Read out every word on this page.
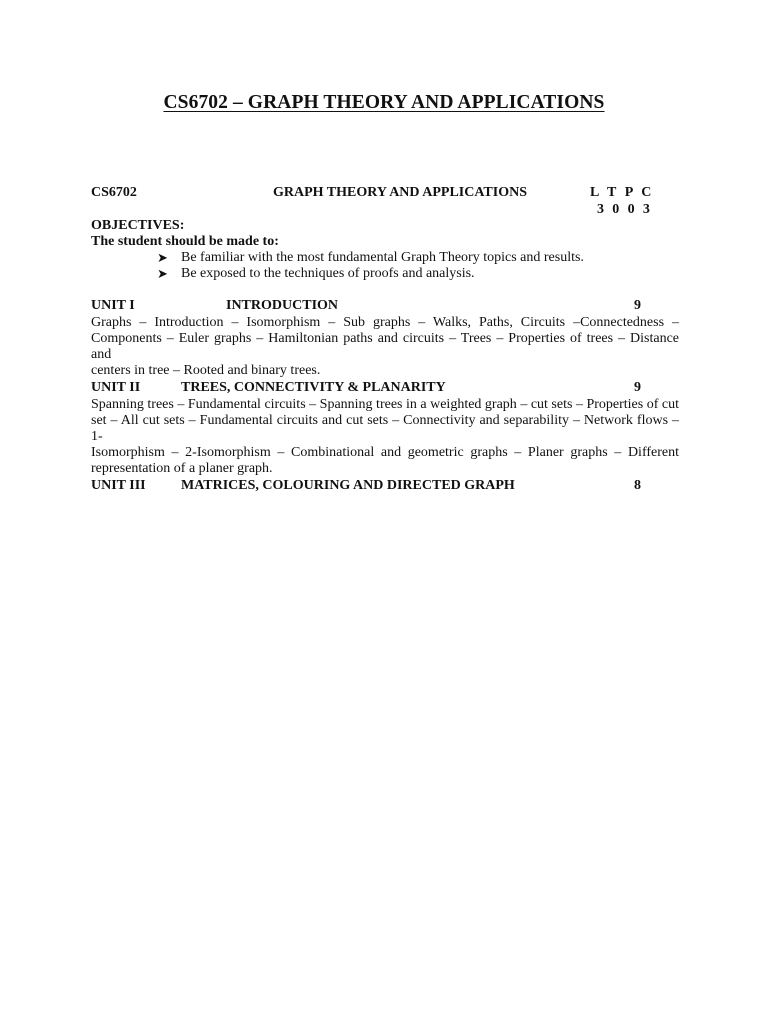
CS6702 – GRAPH THEORY AND APPLICATIONS
CS6702	GRAPH THEORY AND APPLICATIONS	L T P C
3 0 0 3
OBJECTIVES:
The student should be made to:
➤ Be familiar with the most fundamental Graph Theory topics and results.
➤ Be exposed to the techniques of proofs and analysis.
UNIT I	INTRODUCTION	9
Graphs – Introduction – Isomorphism – Sub graphs – Walks, Paths, Circuits –Connectedness –
Components – Euler graphs – Hamiltonian paths and circuits – Trees – Properties of trees – Distance and
centers in tree – Rooted and binary trees.
UNIT II	TREES, CONNECTIVITY & PLANARITY	9
Spanning trees – Fundamental circuits – Spanning trees in a weighted graph – cut sets – Properties of cut
set – All cut sets – Fundamental circuits and cut sets – Connectivity and separability – Network flows – 1-
Isomorphism – 2-Isomorphism – Combinational and geometric graphs – Planer graphs – Different
representation of a planer graph.
UNIT III	MATRICES, COLOURING AND DIRECTED GRAPH	8
